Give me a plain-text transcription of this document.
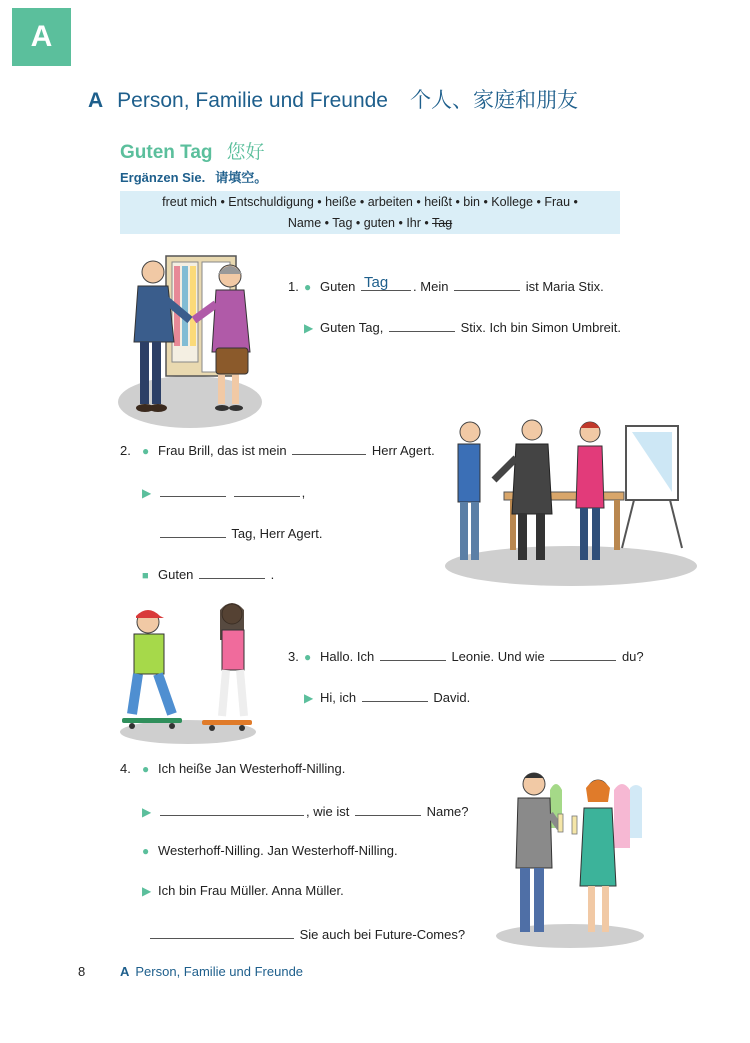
A
A Person, Familie und Freunde 个人、家庭和朋友
Guten Tag 您好
Ergänzen Sie. 请填空。
freut mich • Entschuldigung • heiße • arbeiten • heißt • bin • Kollege • Frau •
Name • Tag • guten • Ihr • Tag
1. ● Guten Tag . Mein	ist Maria Stix.
▶ Guten Tag,	Stix. Ich bin Simon Umbreit.
2. ● Frau Brill, das ist mein	Herr Agert.
▶	,
Tag, Herr Agert.
■ Guten	.
3. ● Hallo. Ich	Leonie. Und wie	du?
▶ Hi, ich	David.
4. ● Ich heiße Jan Westerhoff-Nilling.
▶	, wie ist	Name?
● Westerhoff-Nilling. Jan Westerhoff-Nilling.
▶ Ich bin Frau Müller. Anna Müller.
Sie auch bei Future-Comes?
8	A Person, Familie und Freunde
